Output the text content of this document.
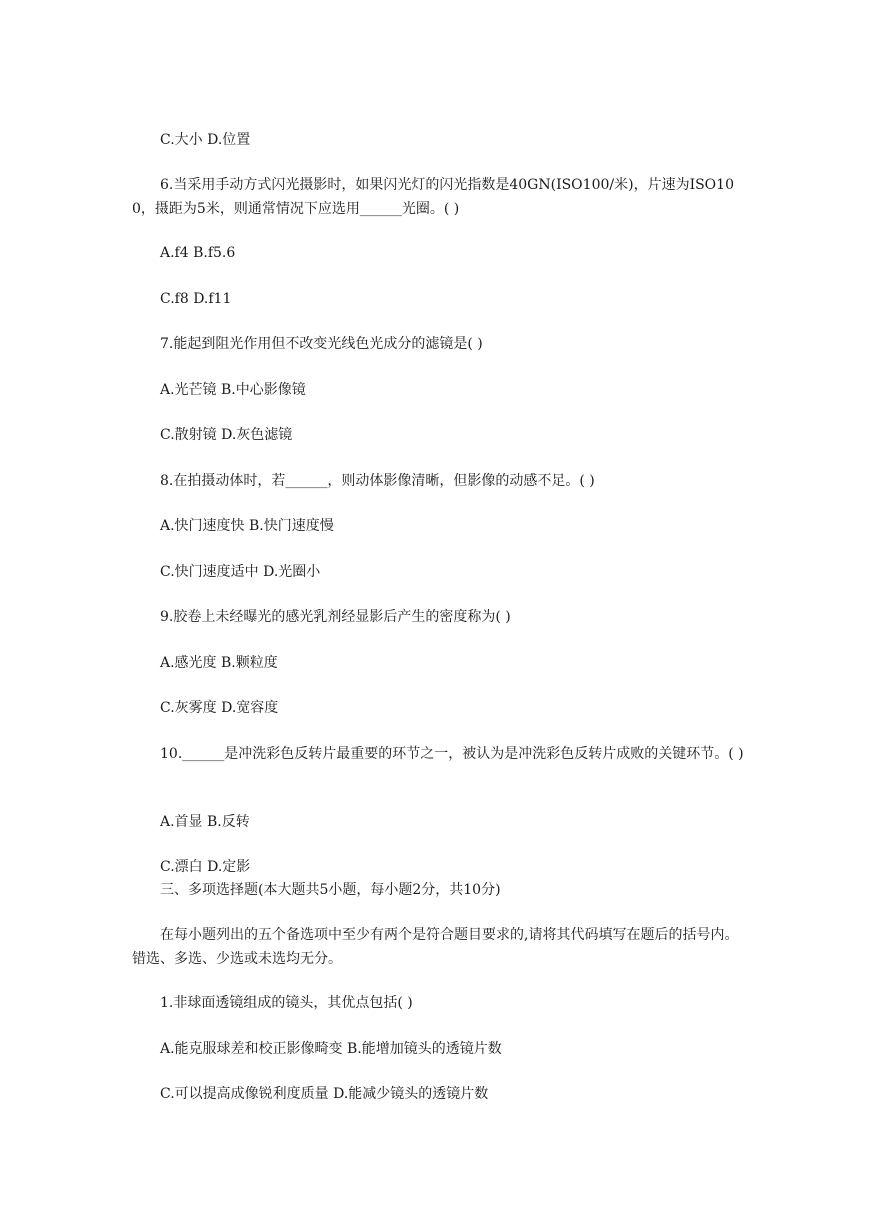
C.大小 D.位置

6.当采用手动方式闪光摄影时，如果闪光灯的闪光指数是40GN(ISO100/米)，片速为ISO100，摄距为5米，则通常情况下应选用______光圈。( )

A.f4 B.f5.6

C.f8 D.f11

7.能起到阻光作用但不改变光线色光成分的滤镜是( )

A.光芒镜 B.中心影像镜

C.散射镜 D.灰色滤镜

8.在拍摄动体时，若______，则动体影像清晰，但影像的动感不足。( )

A.快门速度快 B.快门速度慢

C.快门速度适中 D.光圈小

9.胶卷上未经曝光的感光乳剂经显影后产生的密度称为( )

A.感光度 B.颗粒度

C.灰雾度 D.宽容度

10.______是冲洗彩色反转片最重要的环节之一，被认为是冲洗彩色反转片成败的关键环节。( )

A.首显 B.反转

C.漂白 D.定影

三、多项选择题(本大题共5小题，每小题2分，共10分)

在每小题列出的五个备选项中至少有两个是符合题目要求的,请将其代码填写在题后的括号内。错选、多选、少选或未选均无分。

1.非球面透镜组成的镜头，其优点包括( )

A.能克服球差和校正影像畸变 B.能增加镜头的透镜片数

C.可以提高成像锐利度质量 D.能减少镜头的透镜片数
